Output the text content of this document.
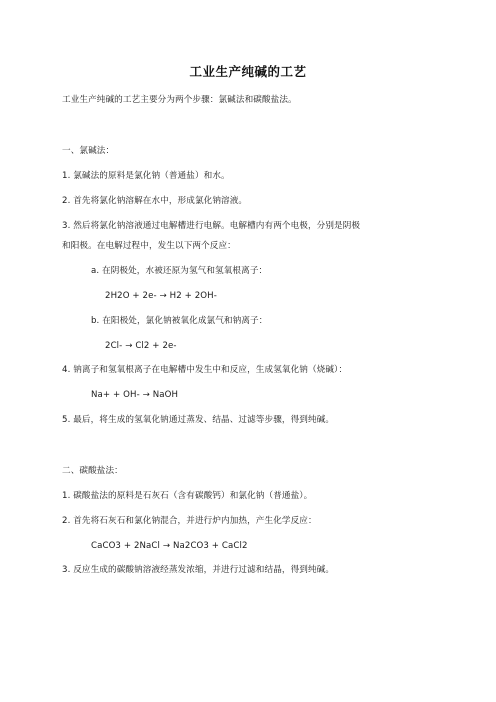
工业生产纯碱的工艺
工业生产纯碱的工艺主要分为两个步骤：氯碱法和碳酸盐法。
一、氯碱法：
1. 氯碱法的原料是氯化钠（普通盐）和水。
2. 首先将氯化钠溶解在水中，形成氯化钠溶液。
3. 然后将氯化钠溶液通过电解槽进行电解。电解槽内有两个电极，分别是阴极
和阳极。在电解过程中，发生以下两个反应：
a. 在阴极处，水被还原为氢气和氢氧根离子：
2H2O + 2e- → H2 + 2OH-
b. 在阳极处，氯化钠被氧化成氯气和钠离子：
2Cl- → Cl2 + 2e-
4. 钠离子和氢氧根离子在电解槽中发生中和反应，生成氢氧化钠（烧碱）：
Na+ + OH- → NaOH
5. 最后，将生成的氢氧化钠通过蒸发、结晶、过滤等步骤，得到纯碱。
二、碳酸盐法：
1. 碳酸盐法的原料是石灰石（含有碳酸钙）和氯化钠（普通盐）。
2. 首先将石灰石和氯化钠混合，并进行炉内加热，产生化学反应：
CaCO3 + 2NaCl → Na2CO3 + CaCl2
3. 反应生成的碳酸钠溶液经蒸发浓缩，并进行过滤和结晶，得到纯碱。
